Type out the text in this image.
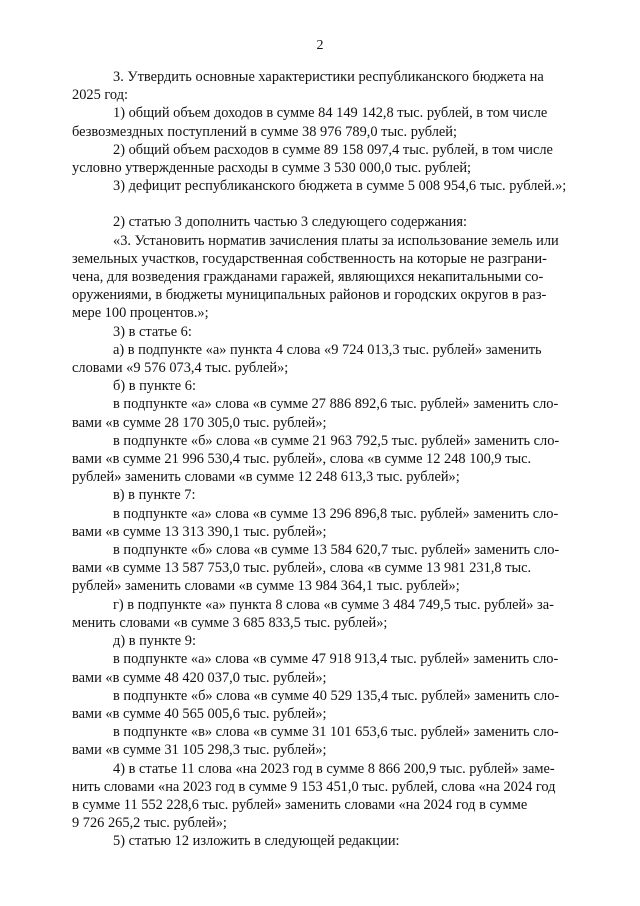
2
3. Утвердить основные характеристики республиканского бюджета на
2025 год:
1) общий объем доходов в сумме 84 149 142,8 тыс. рублей, в том числе
безвозмездных поступлений в сумме 38 976 789,0 тыс. рублей;
2) общий объем расходов в сумме 89 158 097,4 тыс. рублей, в том числе
условно утвержденные расходы в сумме 3 530 000,0 тыс. рублей;
3) дефицит республиканского бюджета в сумме 5 008 954,6 тыс. рублей.»;
2) статью 3 дополнить частью 3 следующего содержания:
«3. Установить норматив зачисления платы за использование земель или
земельных участков, государственная собственность на которые не разграни-
чена, для возведения гражданами гаражей, являющихся некапитальными со-
оружениями, в бюджеты муниципальных районов и городских округов в раз-
мере 100 процентов.»;
3) в статье 6:
а) в подпункте «а» пункта 4 слова «9 724 013,3 тыс. рублей» заменить
словами «9 576 073,4 тыс. рублей»;
б) в пункте 6:
в подпункте «а» слова «в сумме 27 886 892,6 тыс. рублей» заменить сло-
вами «в сумме 28 170 305,0 тыс. рублей»;
в подпункте «б» слова «в сумме 21 963 792,5 тыс. рублей» заменить сло-
вами «в сумме 21 996 530,4 тыс. рублей», слова «в сумме 12 248 100,9 тыс.
рублей» заменить словами «в сумме 12 248 613,3 тыс. рублей»;
в) в пункте 7:
в подпункте «а» слова «в сумме 13 296 896,8 тыс. рублей» заменить сло-
вами «в сумме 13 313 390,1 тыс. рублей»;
в подпункте «б» слова «в сумме 13 584 620,7 тыс. рублей» заменить сло-
вами «в сумме 13 587 753,0 тыс. рублей», слова «в сумме 13 981 231,8 тыс.
рублей» заменить словами «в сумме 13 984 364,1 тыс. рублей»;
г) в подпункте «а» пункта 8 слова «в сумме 3 484 749,5 тыс. рублей» за-
менить словами «в сумме 3 685 833,5 тыс. рублей»;
д) в пункте 9:
в подпункте «а» слова «в сумме 47 918 913,4 тыс. рублей» заменить сло-
вами «в сумме 48 420 037,0 тыс. рублей»;
в подпункте «б» слова «в сумме 40 529 135,4 тыс. рублей» заменить сло-
вами «в сумме 40 565 005,6 тыс. рублей»;
в подпункте «в» слова «в сумме 31 101 653,6 тыс. рублей» заменить сло-
вами «в сумме 31 105 298,3 тыс. рублей»;
4) в статье 11 слова «на 2023 год в сумме 8 866 200,9 тыс. рублей» заме-
нить словами «на 2023 год в сумме 9 153 451,0 тыс. рублей, слова «на 2024 год
в сумме 11 552 228,6 тыс. рублей» заменить словами «на 2024 год в сумме
9 726 265,2 тыс. рублей»;
5) статью 12 изложить в следующей редакции:
